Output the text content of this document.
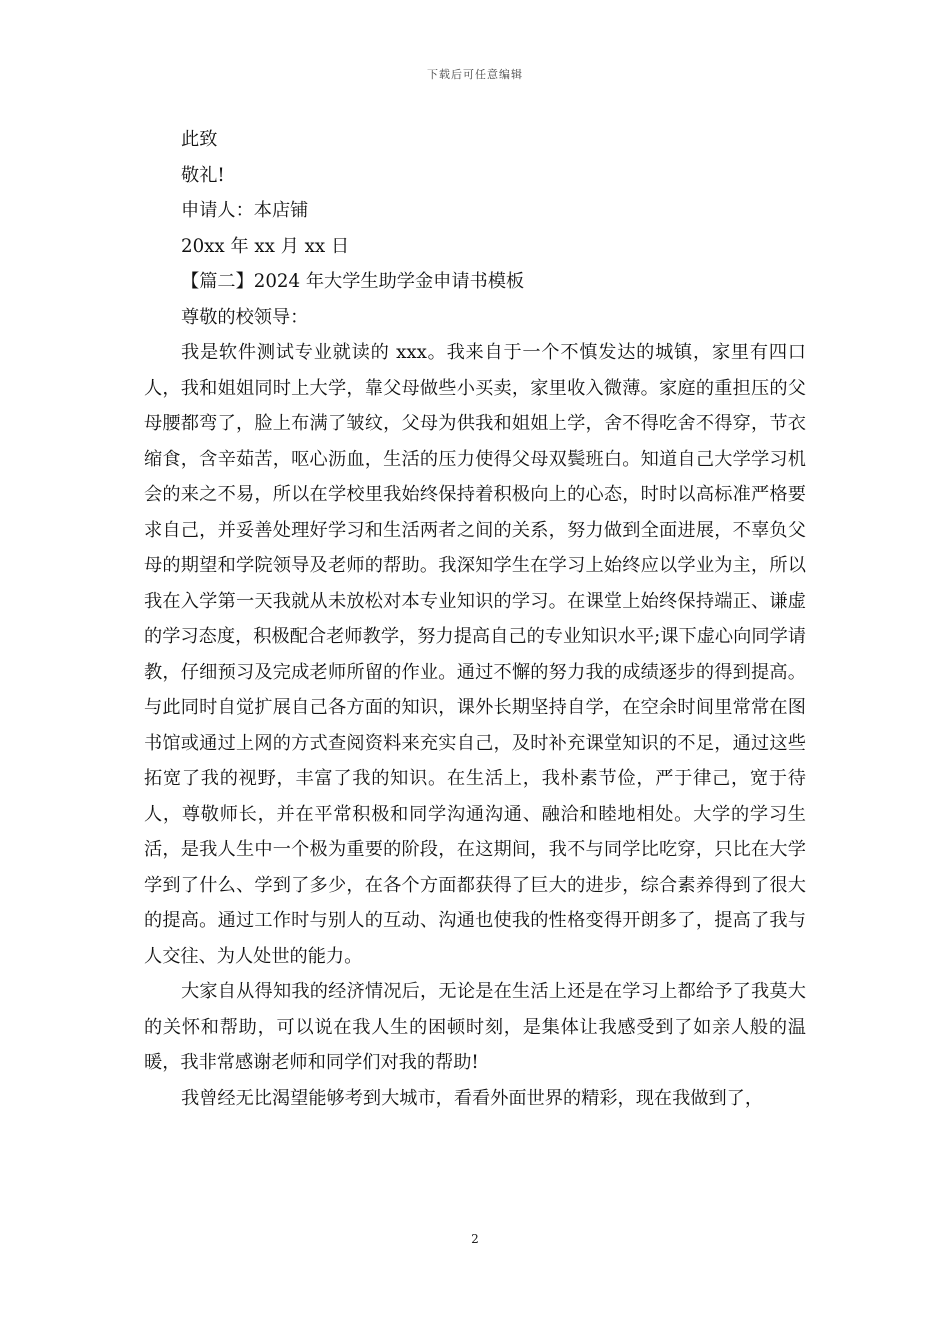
下载后可任意编辑

此致

敬礼!

申请人：本店铺

20xx 年 xx 月 xx 日

【篇二】2024 年大学生助学金申请书模板

尊敬的校领导：

我是软件测试专业就读的 xxx。我来自于一个不慎发达的城镇，家里有四口人，我和姐姐同时上大学，靠父母做些小买卖，家里收入微薄。家庭的重担压的父母腰都弯了，脸上布满了皱纹，父母为供我和姐姐上学，舍不得吃舍不得穿，节衣缩食，含辛茹苦，呕心沥血，生活的压力使得父母双鬓班白。知道自己大学学习机会的来之不易，所以在学校里我始终保持着积极向上的心态，时时以高标准严格要求自己，并妥善处理好学习和生活两者之间的关系，努力做到全面进展，不辜负父母的期望和学院领导及老师的帮助。我深知学生在学习上始终应以学业为主，所以我在入学第一天我就从未放松对本专业知识的学习。在课堂上始终保持端正、谦虚的学习态度，积极配合老师教学，努力提高自己的专业知识水平;课下虚心向同学请教，仔细预习及完成老师所留的作业。通过不懈的努力我的成绩逐步的得到提高。与此同时自觉扩展自己各方面的知识，课外长期坚持自学，在空余时间里常常在图书馆或通过上网的方式查阅资料来充实自己，及时补充课堂知识的不足，通过这些拓宽了我的视野，丰富了我的知识。在生活上，我朴素节俭，严于律己，宽于待人，尊敬师长，并在平常积极和同学沟通沟通、融洽和睦地相处。大学的学习生活，是我人生中一个极为重要的阶段，在这期间，我不与同学比吃穿，只比在大学学到了什么、学到了多少，在各个方面都获得了巨大的进步，综合素养得到了很大的提高。通过工作时与别人的互动、沟通也使我的性格变得开朗多了，提高了我与人交往、为人处世的能力。

大家自从得知我的经济情况后，无论是在生活上还是在学习上都给予了我莫大的关怀和帮助，可以说在我人生的困顿时刻，是集体让我感受到了如亲人般的温暖，我非常感谢老师和同学们对我的帮助!

我曾经无比渴望能够考到大城市，看看外面世界的精彩，现在我做到了，

2
